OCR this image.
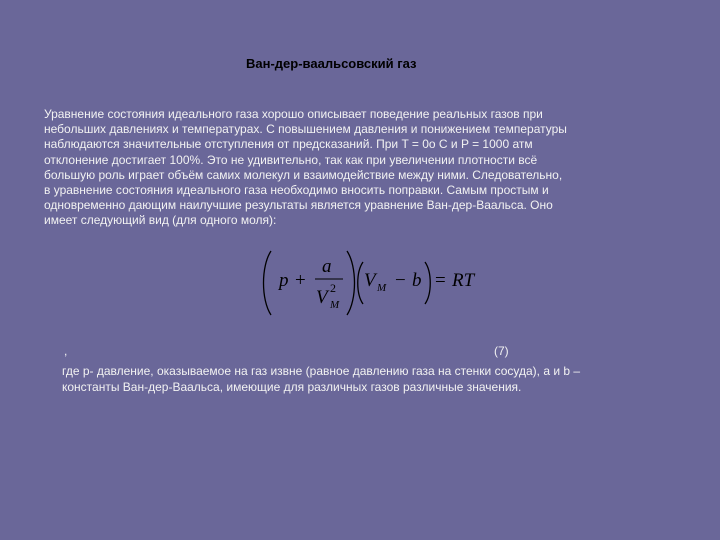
Ван-дер-ваальсовский газ

Уравнение состояния идеального газа хорошо описывает поведение реальных газов при
небольших давлениях и температурах. С повышением давления и понижением температуры
наблюдаются значительные отступления от предсказаний. При T = 0o C и P = 1000 атм
отклонение достигает 100%. Это не удивительно, так как при увеличении плотности всё
большую роль играет объём самих молекул и взаимодействие между ними. Следовательно,
в уравнение состояния идеального газа необходимо вносить поправки. Самым простым и
одновременно дающим наилучшие результаты является уравнение Ван-дер-Ваальса. Оно
имеет следующий вид (для одного моля):

p +
a
V 2
M
V M − b = RT
,	(7)

где р- давление, оказываемое на газ извне (равное давлению газа на стенки сосуда), а и b –
константы Ван-дер-Ваальса, имеющие для различных газов различные значения.
